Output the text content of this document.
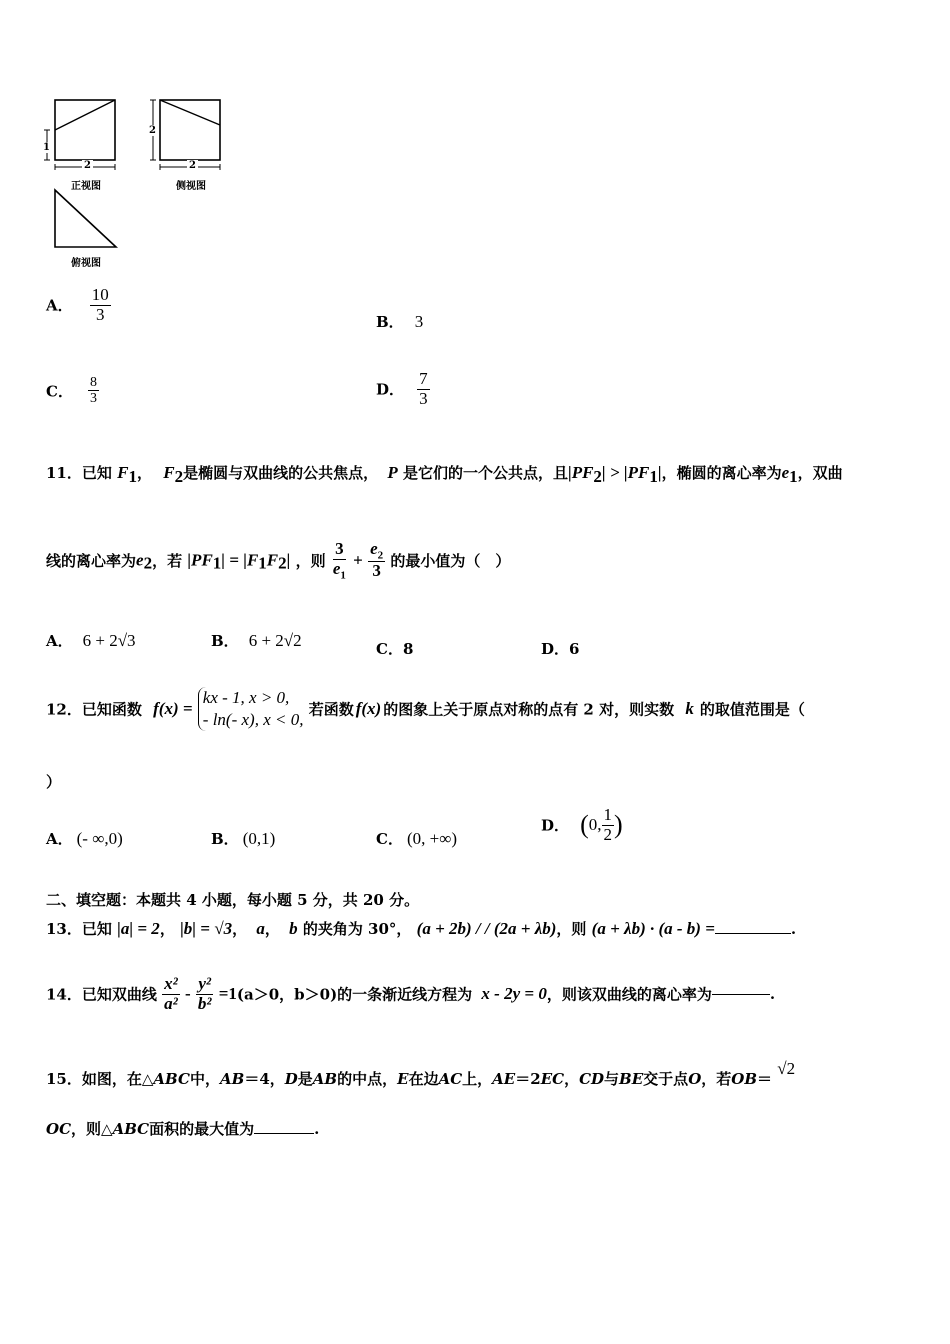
1
2
2
2
正视图	侧视图
俯视图
A． $\frac{10}{3}$	B． 3
C． $\frac{8}{3}$	D． $\frac{7}{3}$
11．已知 $F_1$， $F_2$是椭圆与双曲线的公共焦点， P 是它们的一个公共点，且$|PF_2| > |PF_1|$，椭圆的离心率为$e_1$，双曲
线的离心率为$e_2$，若 $|PF_1| = |F_1F_2|$ ，则 $\frac{3}{e_1} + \frac{e_2}{3}$ 的最小值为（　）
A． 6 + 2√3	B． 6 + 2√2	C．8	D．6
12．已知函数 f(x) =
kx - 1, x > 0,
- ln(- x), x < 0,
若函数 f(x) 的图象上关于原点对称的点有 2 对，则实数 k 的取值范围是（
）
A． (- ∞,0)	B． (0,1)	C． (0, +∞)
D． (0, $\frac{1}{2}$ )
二、填空题：本题共 4 小题，每小题 5 分，共 20 分。
13．已知 |a| = 2， |b| = √3， a， b 的夹角为 30°， (a + 2b) / / (2a + λb)，则 (a + λb) · (a - b) =	.
14．已知双曲线 $\frac{\text{x²}}{\text{a²}} - \frac{\text{y²}}{\text{b²}} =1(a>0$，b＞0)的一条渐近线方程为 x - 2y = 0，则该双曲线的离心率为	.
15．如图，在△ABC中，AB＝4，D是AB的中点，E在边AC上，AE＝2EC，CD与BE交于点O，若OB＝ √2
OC，则△ABC面积的最大值为	.
